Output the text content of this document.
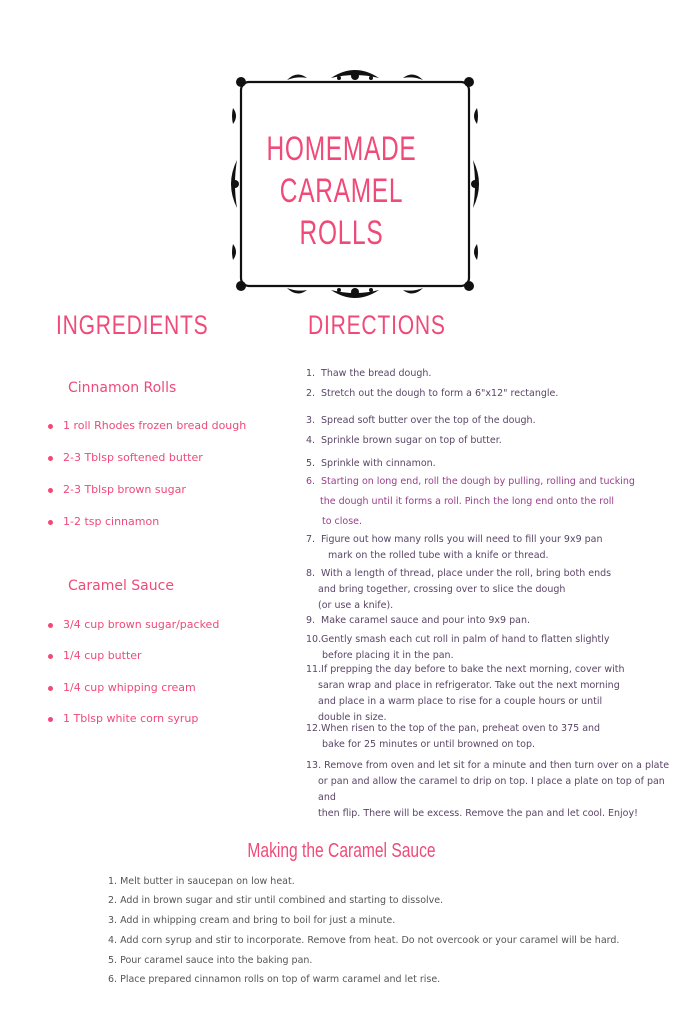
HOMEMADE
CARAMEL
ROLLS
INGREDIENTS
Cinnamon Rolls
1 roll Rhodes frozen bread dough
2-3 Tblsp softened butter
2-3 Tblsp brown sugar
1-2 tsp cinnamon
Caramel Sauce
3/4 cup brown sugar/packed
1/4 cup butter
1/4 cup whipping cream
1 Tblsp white corn syrup
DIRECTIONS
1. Thaw the bread dough.
2. Stretch out the dough to form a 6"x12" rectangle.
3. Spread soft butter over the top of the dough.
4. Sprinkle brown sugar on top of butter.
5. Sprinkle with cinnamon.
6. Starting on long end, roll the dough by pulling, rolling and tucking
the dough until it forms a roll. Pinch the long end onto the roll
to close.
7. Figure out how many rolls you will need to fill your 9x9 pan
mark on the rolled tube with a knife or thread.
8. With a length of thread, place under the roll, bring both ends
and bring together, crossing over to slice the dough
(or use a knife).
9. Make caramel sauce and pour into 9x9 pan.
10. Gently smash each cut roll in palm of hand to flatten slightly
before placing it in the pan.
11. If prepping the day before to bake the next morning, cover with
saran wrap and place in refrigerator. Take out the next morning
and place in a warm place to rise for a couple hours or until
double in size.
12. When risen to the top of the pan, preheat oven to 375 and
bake for 25 minutes or until browned on top.
13. Remove from oven and let sit for a minute and then turn over on a plate
or pan and allow the caramel to drip on top. I place a plate on top of pan and
then flip. There will be excess. Remove the pan and let cool. Enjoy!
Making the Caramel Sauce
1. Melt butter in saucepan on low heat.
2. Add in brown sugar and stir until combined and starting to dissolve.
3. Add in whipping cream and bring to boil for just a minute.
4. Add corn syrup and stir to incorporate. Remove from heat. Do not overcook or your caramel will be hard.
5. Pour caramel sauce into the baking pan.
6. Place prepared cinnamon rolls on top of warm caramel and let rise.
